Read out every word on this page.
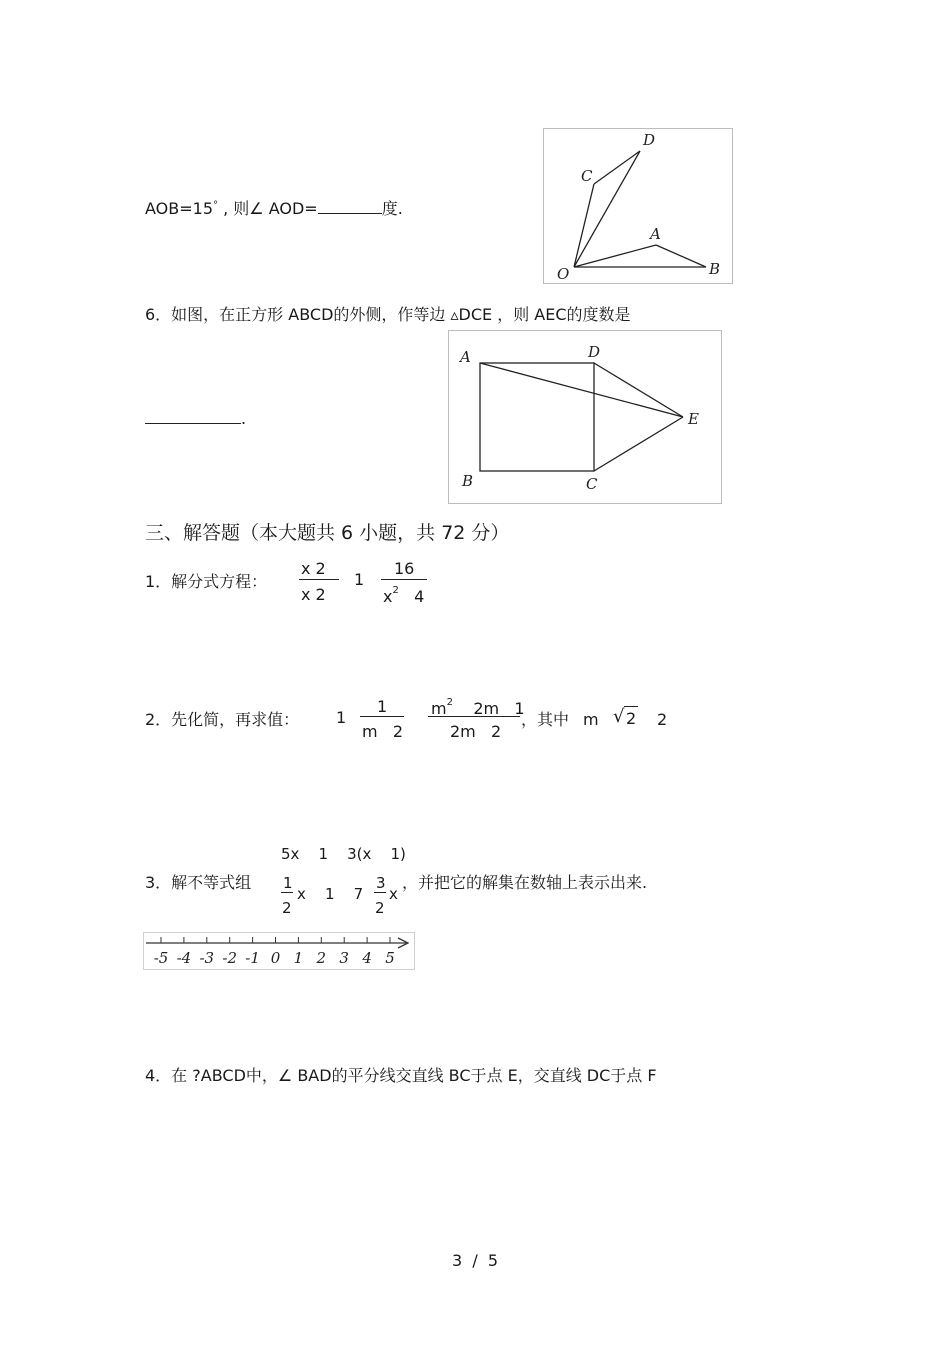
AOB=15° , 则∠ AOD=	度.
D
C
A
O	B
6．如图，在正方形 ABCD的外侧，作等边 ▵DCE ，则 AEC的度数是
.
A	D
E
B	C
三、解答题（本大题共 6 小题，共 72 分）
1．解分式方程：
x 2
x 2
1
16
$x^2$   4
2．先化简，再求值： 1
1
m   2
$m^2$    2m   1
2m   2
，其中 m √ 2 2
5x    1    3(x    1)
3．解不等式组 1
2
x    1    7
3
2
x
，并把它的解集在数轴上表示出来.
-5 -4 -3 -2 -1 0 1 2 3 4 5
4．在 ?ABCD中，∠ BAD的平分线交直线 BC于点 E，交直线 DC于点 F
3  /  5
